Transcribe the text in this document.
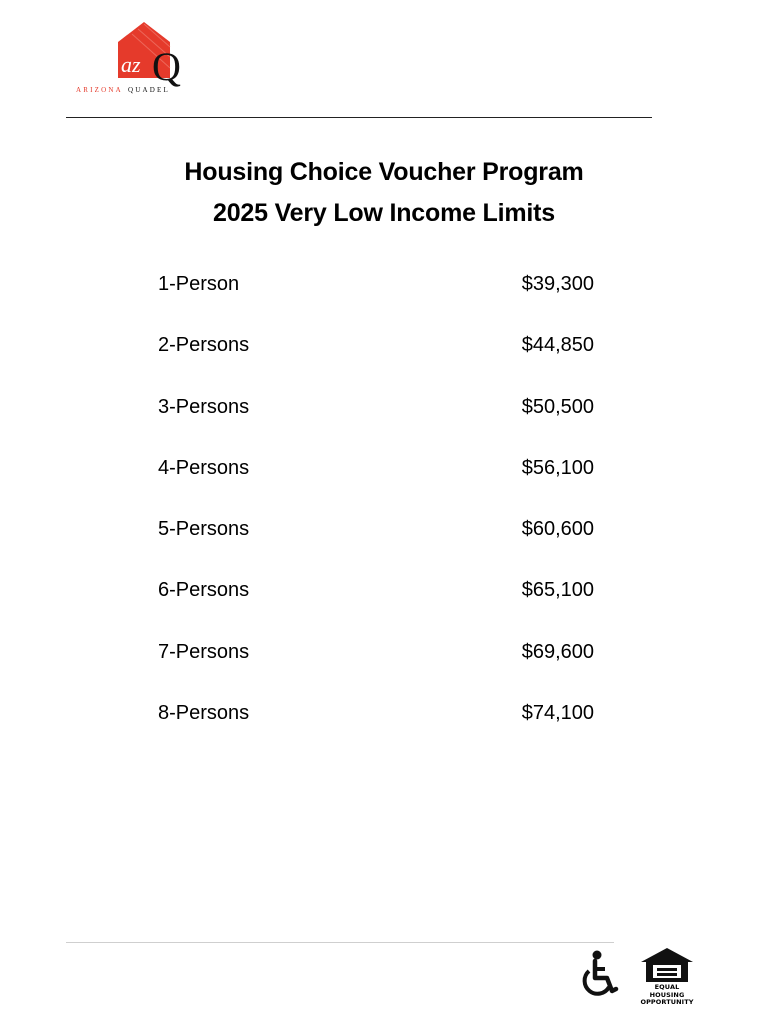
az Q
ARIZONA QUADEL
Housing Choice Voucher Program
2025 Very Low Income Limits
1-Person	$39,300
2-Persons	$44,850
3-Persons	$50,500
4-Persons	$56,100
5-Persons	$60,600
6-Persons	$65,100
7-Persons	$69,600
8-Persons	$74,100
EQUAL HOUSING
OPPORTUNITY
